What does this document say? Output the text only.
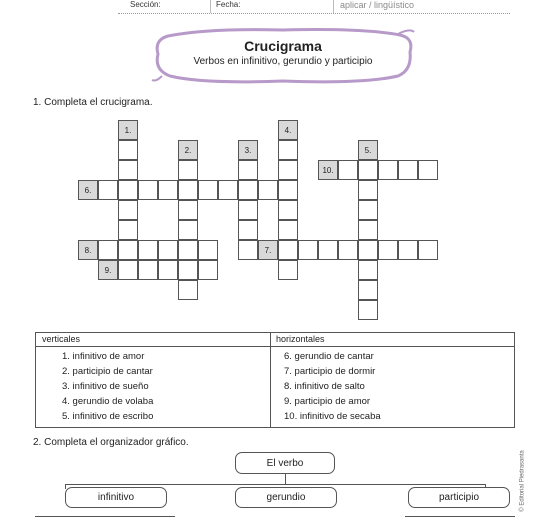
Sección:	Fecha:	aplicar / lingüístico
Crucigrama
Verbos en infinitivo, gerundio y participio
1. Completa el crucigrama.
1.
2.	3.
4.
5.
6.
7.
8.
9.
10.
verticales	horizontales
1. infinitivo de amor
2. participio de cantar
3. infinitivo de sueño
4. gerundio de volaba
5. infinitivo de escribo
6. gerundio de cantar
7. participio de dormir
8. infinitivo de salto
9. participio de amor
10. infinitivo de secaba
2. Completa el organizador gráfico.
El verbo
infinitivo	gerundio	participio	© Editorial Piedrasanta
